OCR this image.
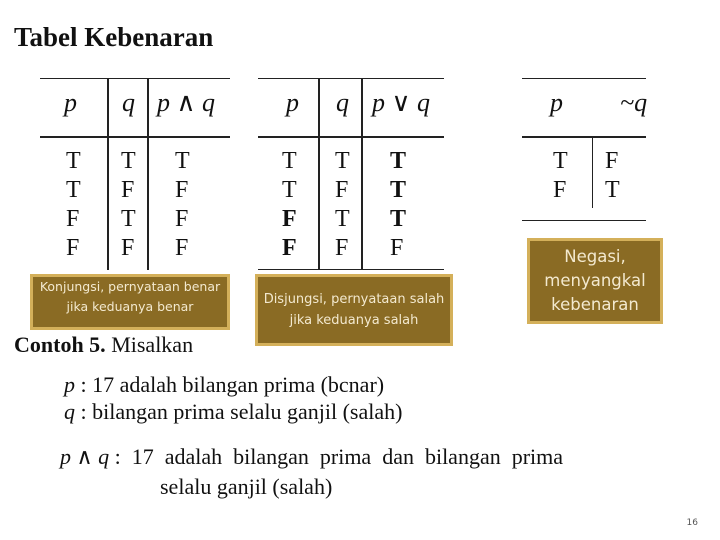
Tabel Kebenaran
p q p ∧ q
T T T
T F F
F T F
F F F
p q p ∨ q
T T T
T F T
F T T
F F F
p ~q
T F
F T
Konjungsi, pernyataan benar jika keduanya benar	Disjungsi, pernyataan salah jika keduanya salah
Negasi, menyangkal kebenaran
Contoh 5. Misalkan
p : 17 adalah bilangan prima (bcnar)
q : bilangan prima selalu ganjil (salah)
p ∧ q :  17  adalah  bilangan  prima  dan  bilangan  prima
selalu ganjil (salah)
16
